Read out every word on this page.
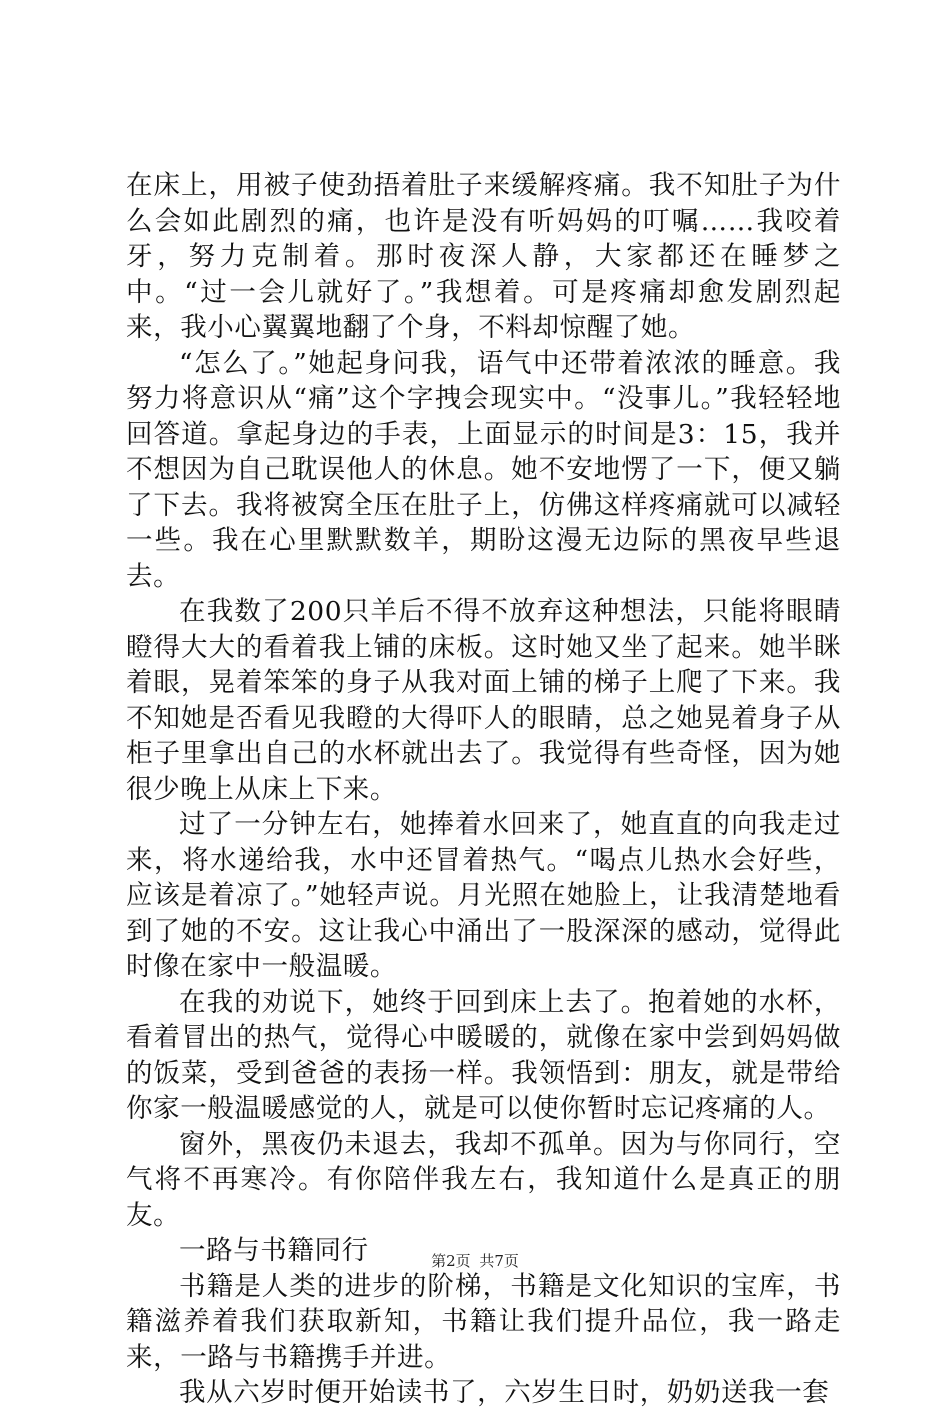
在床上，用被子使劲捂着肚子来缓解疼痛。我不知肚子为什么会如此剧烈的痛，也许是没有听妈妈的叮嘱……我咬着牙，努力克制着。那时夜深人静，大家都还在睡梦之中。“过一会儿就好了。”我想着。可是疼痛却愈发剧烈起来，我小心翼翼地翻了个身，不料却惊醒了她。

“怎么了。”她起身问我，语气中还带着浓浓的睡意。我努力将意识从“痛”这个字拽会现实中。“没事儿。”我轻轻地回答道。拿起身边的手表，上面显示的时间是3：15，我并不想因为自己耽误他人的休息。她不安地愣了一下，便又躺了下去。我将被窝全压在肚子上，仿佛这样疼痛就可以减轻一些。我在心里默默数羊，期盼这漫无边际的黑夜早些退去。

在我数了200只羊后不得不放弃这种想法，只能将眼睛瞪得大大的看着我上铺的床板。这时她又坐了起来。她半眯着眼，晃着笨笨的身子从我对面上铺的梯子上爬了下来。我不知她是否看见我瞪的大得吓人的眼睛，总之她晃着身子从柜子里拿出自己的水杯就出去了。我觉得有些奇怪，因为她很少晚上从床上下来。

过了一分钟左右，她捧着水回来了，她直直的向我走过来，将水递给我，水中还冒着热气。“喝点儿热水会好些，应该是着凉了。”她轻声说。月光照在她脸上，让我清楚地看到了她的不安。这让我心中涌出了一股深深的感动，觉得此时像在家中一般温暖。

在我的劝说下，她终于回到床上去了。抱着她的水杯，看着冒出的热气，觉得心中暖暖的，就像在家中尝到妈妈做的饭菜，受到爸爸的表扬一样。我领悟到：朋友，就是带给你家一般温暖感觉的人，就是可以使你暂时忘记疼痛的人。

窗外，黑夜仍未退去，我却不孤单。因为与你同行，空气将不再寒冷。有你陪伴我左右，我知道什么是真正的朋友。

一路与书籍同行

书籍是人类的进步的阶梯，书籍是文化知识的宝库，书籍滋养着我们获取新知，书籍让我们提升品位，我一路走来，一路与书籍携手并进。

我从六岁时便开始读书了，六岁生日时，奶奶送我一套

第2页 共7页
